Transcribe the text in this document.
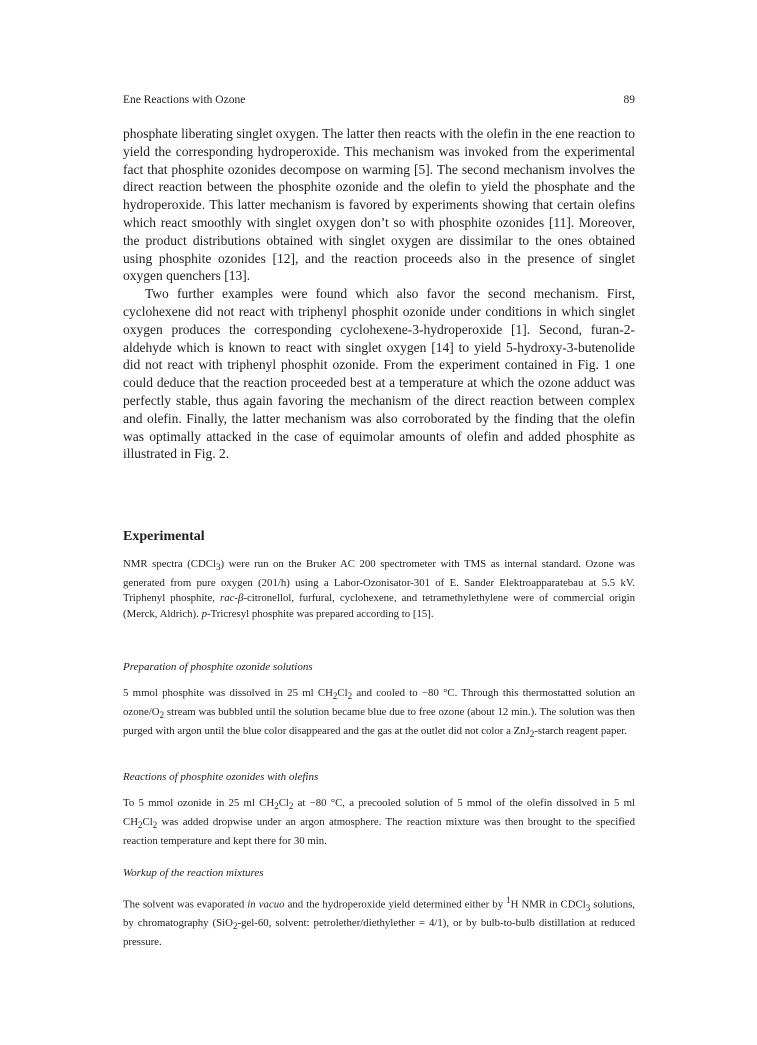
Ene Reactions with Ozone	89

phosphate liberating singlet oxygen. The latter then reacts with the olefin in the ene reaction to yield the corresponding hydroperoxide. This mechanism was invoked from the experimental fact that phosphite ozonides decompose on warming [5]. The second mechanism involves the direct reaction between the phosphite ozonide and the olefin to yield the phosphate and the hydroperoxide. This latter mechanism is favored by experiments showing that certain olefins which react smoothly with singlet oxygen don’t so with phosphite ozonides [11]. Moreover, the product distributions obtained with singlet oxygen are dissimilar to the ones obtained using phosphite ozonides [12], and the reaction proceeds also in the presence of singlet oxygen quenchers [13].

Two further examples were found which also favor the second mechanism. First, cyclohexene did not react with triphenyl phosphit ozonide under conditions in which singlet oxygen produces the corresponding cyclohexene-3-hydroperoxide [1]. Second, furan-2-aldehyde which is known to react with singlet oxygen [14] to yield 5-hydroxy-3-butenolide did not react with triphenyl phosphit ozonide. From the experiment contained in Fig. 1 one could deduce that the reaction proceeded best at a temperature at which the ozone adduct was perfectly stable, thus again favoring the mechanism of the direct reaction between complex and olefin. Finally, the latter mechanism was also corroborated by the finding that the olefin was optimally attacked in the case of equimolar amounts of olefin and added phosphite as illustrated in Fig. 2.

Experimental
NMR spectra (CDCl$_3$) were run on the Bruker AC 200 spectrometer with TMS as internal standard. Ozone was generated from pure oxygen (201/h) using a Labor-Ozonisator-301 of E. Sander Elektroapparatebau at 5.5 kV. Triphenyl phosphite, rac-β-citronellol, furfural, cyclohexene, and tetramethylethylene were of commercial origin (Merck, Aldrich). p-Tricresyl phosphite was prepared according to [15].
Preparation of phosphite ozonide solutions
5 mmol phosphite was dissolved in 25 ml $CH_2Cl_2$ and cooled to −80 °C. Through this thermostatted solution an ozone/$O_2$ stream was bubbled until the solution became blue due to free ozone (about 12 min.). The solution was then purged with argon until the blue color disappeared and the gas at the outlet did not color a ZnJ$_2$-starch reagent paper.
Reactions of phosphite ozonides with olefins
To 5 mmol ozonide in 25 ml $CH_2Cl_2$ at −80 °C, a precooled solution of 5 mmol of the olefin dissolved in 5 ml $CH_2Cl_2$ was added dropwise under an argon atmosphere. The reaction mixture was then brought to the specified reaction temperature and kept there for 30 min.
Workup of the reaction mixtures
The solvent was evaporated in vacuo and the hydroperoxide yield determined either by $^1$H NMR in CDCl$_3$ solutions, by chromatography (SiO$_2$-gel-60, solvent: petrolether/diethylether = 4/1), or by bulb-to-bulb distillation at reduced pressure.
